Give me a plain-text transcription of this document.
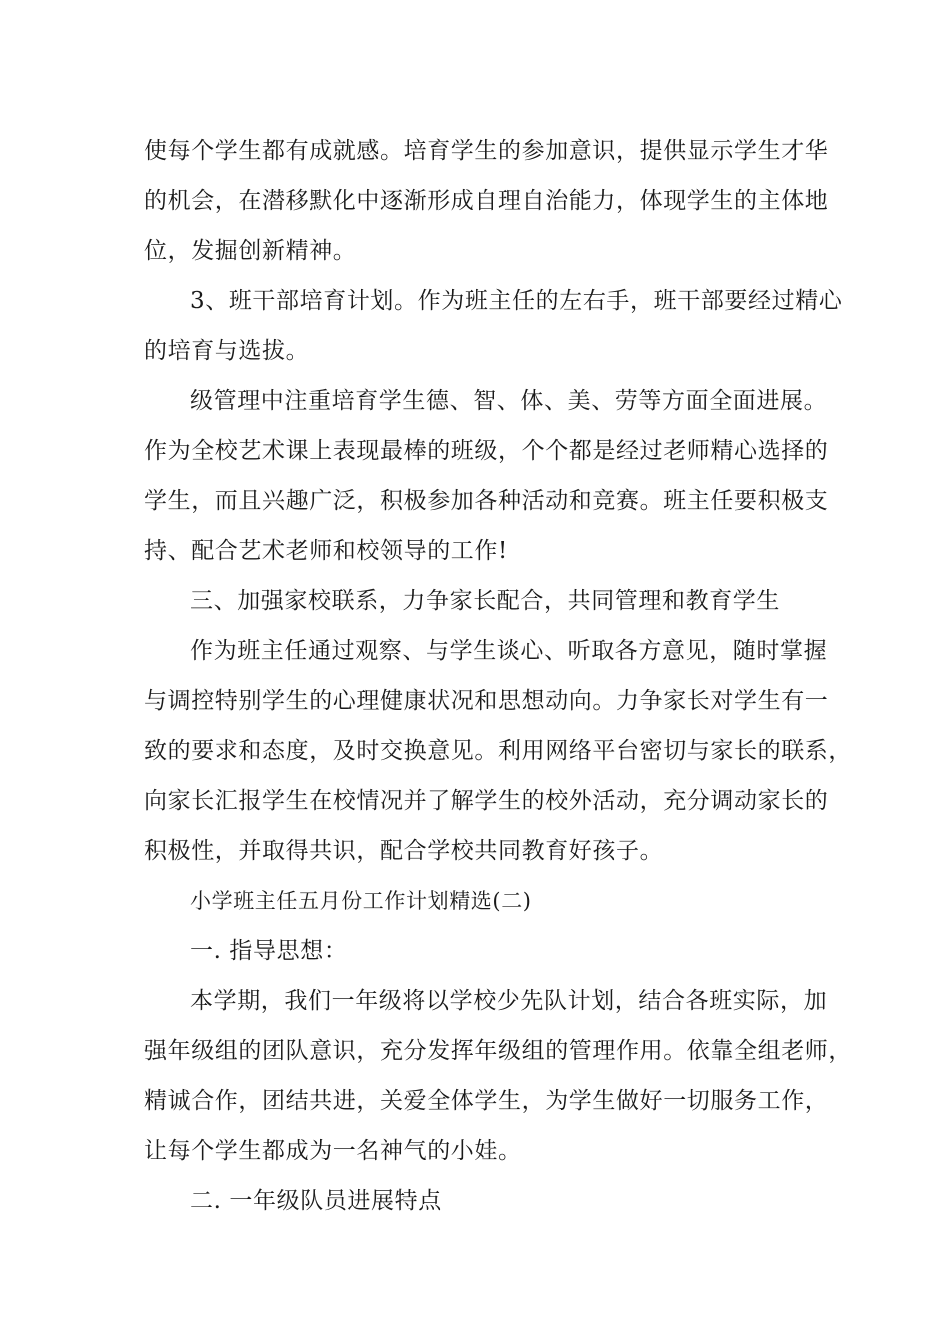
使每个学生都有成就感。培育学生的参加意识，提供显示学生才华
的机会，在潜移默化中逐渐形成自理自治能力，体现学生的主体地
位，发掘创新精神。
3、班干部培育计划。作为班主任的左右手，班干部要经过精心
的培育与选拔。
级管理中注重培育学生德、智、体、美、劳等方面全面进展。
作为全校艺术课上表现最棒的班级，个个都是经过老师精心选择的
学生，而且兴趣广泛，积极参加各种活动和竞赛。班主任要积极支
持、配合艺术老师和校领导的工作!
三、加强家校联系，力争家长配合，共同管理和教育学生
作为班主任通过观察、与学生谈心、听取各方意见，随时掌握
与调控特别学生的心理健康状况和思想动向。力争家长对学生有一
致的要求和态度，及时交换意见。利用网络平台密切与家长的联系，
向家长汇报学生在校情况并了解学生的校外活动，充分调动家长的
积极性，并取得共识，配合学校共同教育好孩子。
小学班主任五月份工作计划精选(二)
一. 指导思想：
本学期，我们一年级将以学校少先队计划，结合各班实际，加
强年级组的团队意识，充分发挥年级组的管理作用。依靠全组老师，
精诚合作，团结共进，关爱全体学生，为学生做好一切服务工作，
让每个学生都成为一名神气的小娃。
二. 一年级队员进展特点
